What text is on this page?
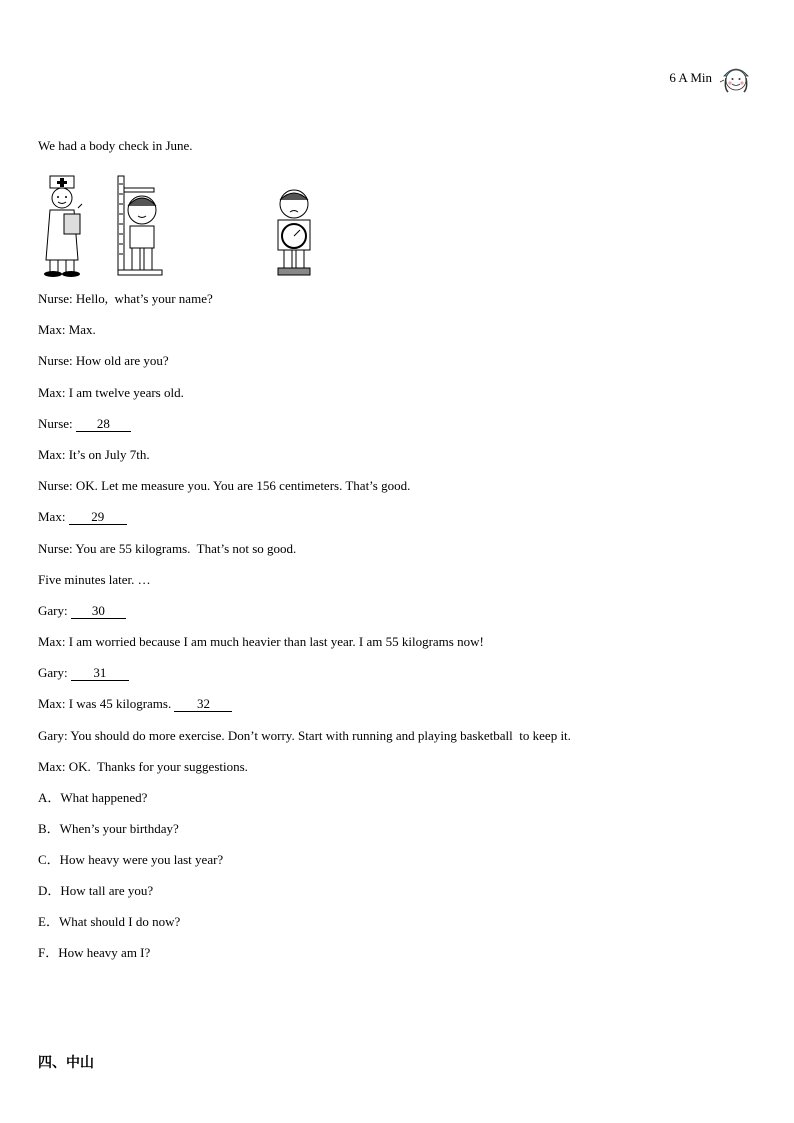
6 A Min
We had a body check in June.
Nurse: Hello,  what’s your name?
Max: Max.
Nurse: How old are you?
Max: I am twelve years old.
Nurse: 28
Max: It’s on July 7th.
Nurse: OK. Let me measure you. You are 156 centimeters. That’s good.
Max: 29
Nurse: You are 55 kilograms.  That’s not so good.
Five minutes later. …
Gary: 30
Max: I am worried because I am much heavier than last year. I am 55 kilograms now!
Gary: 31
Max: I was 45 kilograms. 32
Gary: You should do more exercise. Don’t worry. Start with running and playing basketball  to keep it.
Max: OK.  Thanks for your suggestions.
A．What happened?
B．When’s your birthday?
C．How heavy were you last year?
D．How tall are you?
E．What should I do now?
F．How heavy am I?
四、中山
